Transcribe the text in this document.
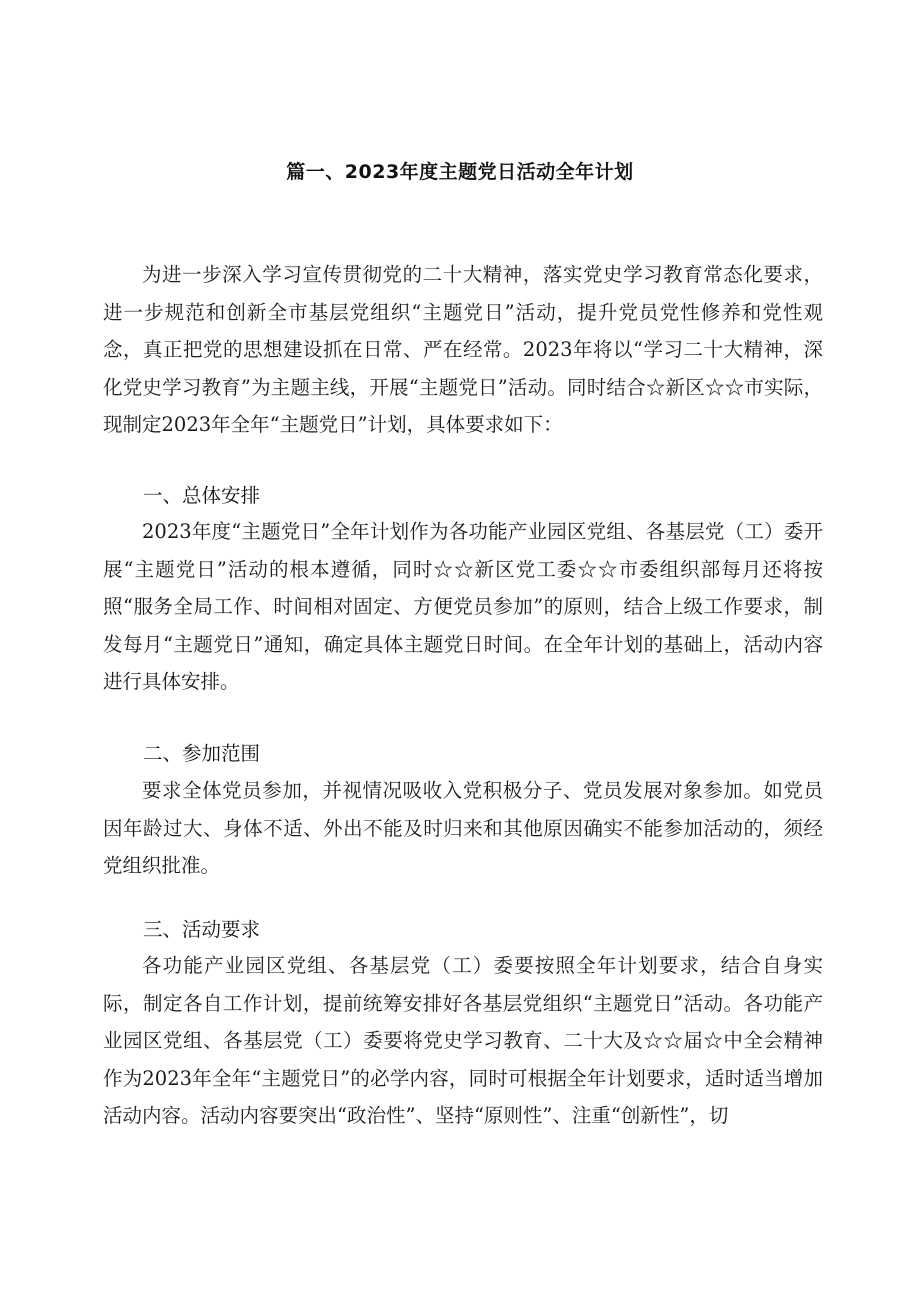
篇一、2023年度主题党日活动全年计划

为进一步深入学习宣传贯彻党的二十大精神，落实党史学习教育常态化要求，进一步规范和创新全市基层党组织“主题党日”活动，提升党员党性修养和党性观念，真正把党的思想建设抓在日常、严在经常。2023年将以“学习二十大精神，深化党史学习教育”为主题主线，开展“主题党日”活动。同时结合☆新区☆☆市实际，现制定2023年全年“主题党日”计划，具体要求如下：

一、总体安排

2023年度“主题党日”全年计划作为各功能产业园区党组、各基层党（工）委开展“主题党日”活动的根本遵循，同时☆☆新区党工委☆☆市委组织部每月还将按照“服务全局工作、时间相对固定、方便党员参加”的原则，结合上级工作要求，制发每月“主题党日”通知，确定具体主题党日时间。在全年计划的基础上，活动内容进行具体安排。

二、参加范围

要求全体党员参加，并视情况吸收入党积极分子、党员发展对象参加。如党员因年龄过大、身体不适、外出不能及时归来和其他原因确实不能参加活动的，须经党组织批准。

三、活动要求

各功能产业园区党组、各基层党（工）委要按照全年计划要求，结合自身实际，制定各自工作计划，提前统筹安排好各基层党组织“主题党日”活动。各功能产业园区党组、各基层党（工）委要将党史学习教育、二十大及☆☆届☆中全会精神作为2023年全年“主题党日”的必学内容，同时可根据全年计划要求，适时适当增加活动内容。活动内容要突出“政治性”、坚持“原则性”、注重“创新性”，切
